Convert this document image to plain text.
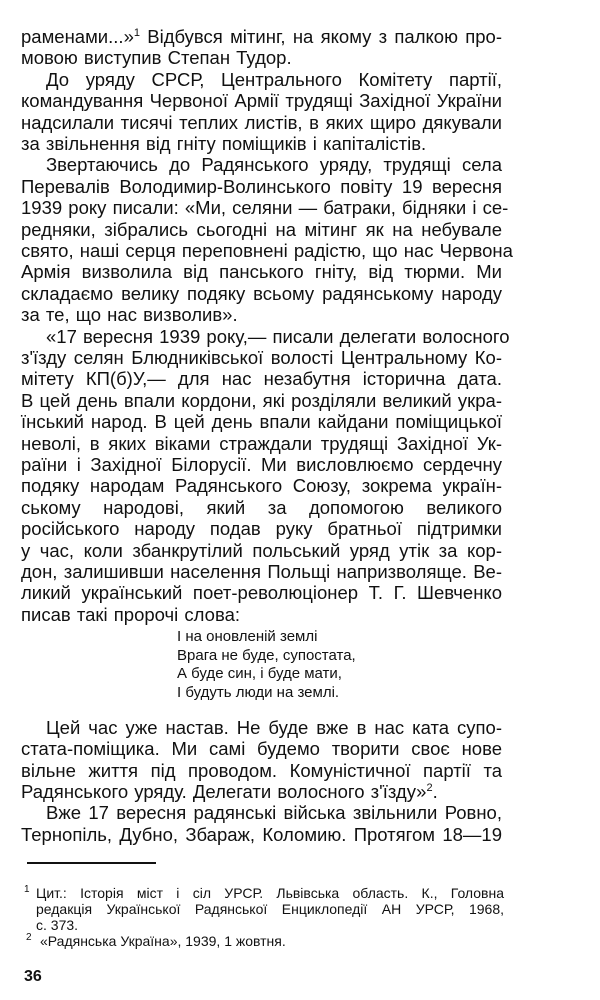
36
раменами...»$^1$ Відбувся мітинг, на якому з палкою про-
мовою виступив Степан Тудор.
До уряду СРСР, Центрального Комітету партії,
командування Червоної Армії трудящі Західної України
надсилали тисячі теплих листів, в яких щиро дякували
за звільнення від гніту поміщиків і капіталістів.
Звертаючись до Радянського уряду, трудящі села
Перевалів Володимир-Волинського повіту 19 вересня
1939 року писали: «Ми, селяни — батраки, бідняки і се-
редняки, зібрались сьогодні на мітинг як на небувале
свято, наші серця переповнені радістю, що нас Червона
Армія визволила від панського гніту, від тюрми. Ми
складаємо велику подяку всьому радянському народу
за те, що нас визволив».
«17 вересня 1939 року,— писали делегати волосного
з'їзду селян Блюдниківської волості Центральному Ко-
мітету КП(б)У,— для нас незабутня історична дата.
В цей день впали кордони, які розділяли великий укра-
їнський народ. В цей день впали кайдани поміщицької
неволі, в яких віками страждали трудящі Західної Ук-
раїни і Західної Білорусії. Ми висловлюємо сердечну
подяку народам Радянського Союзу, зокрема україн-
ському народові, який за допомогою великого
російського народу подав руку братньої підтримки
у час, коли збанкрутілий польський уряд утік за кор-
дон, залишивши населення Польщі напризволяще. Ве-
ликий український поет-революціонер Т. Г. Шевченко
писав такі пророчі слова:
І на оновленій землі
Врага не буде, супостата,
А буде син, і буде мати,
І будуть люди на землі.
Цей час уже настав. Не буде вже в нас ката супо-
стата-поміщика. Ми самі будемо творити своє нове
вільне життя під проводом. Комуністичної партії та
Радянського уряду. Делегати волосного з'їзду»$^2$.
Вже 17 вересня радянські війська звільнили Ровно,
Тернопіль, Дубно, Збараж, Коломию. Протягом 18—19
1 Цит.: Історія міст і сіл УРСР. Львівська область. К., Головна
редакція Української Радянської Енциклопедії АН УРСР, 1968,
с. 373.
2 «Радянська Україна», 1939, 1 жовтня.
